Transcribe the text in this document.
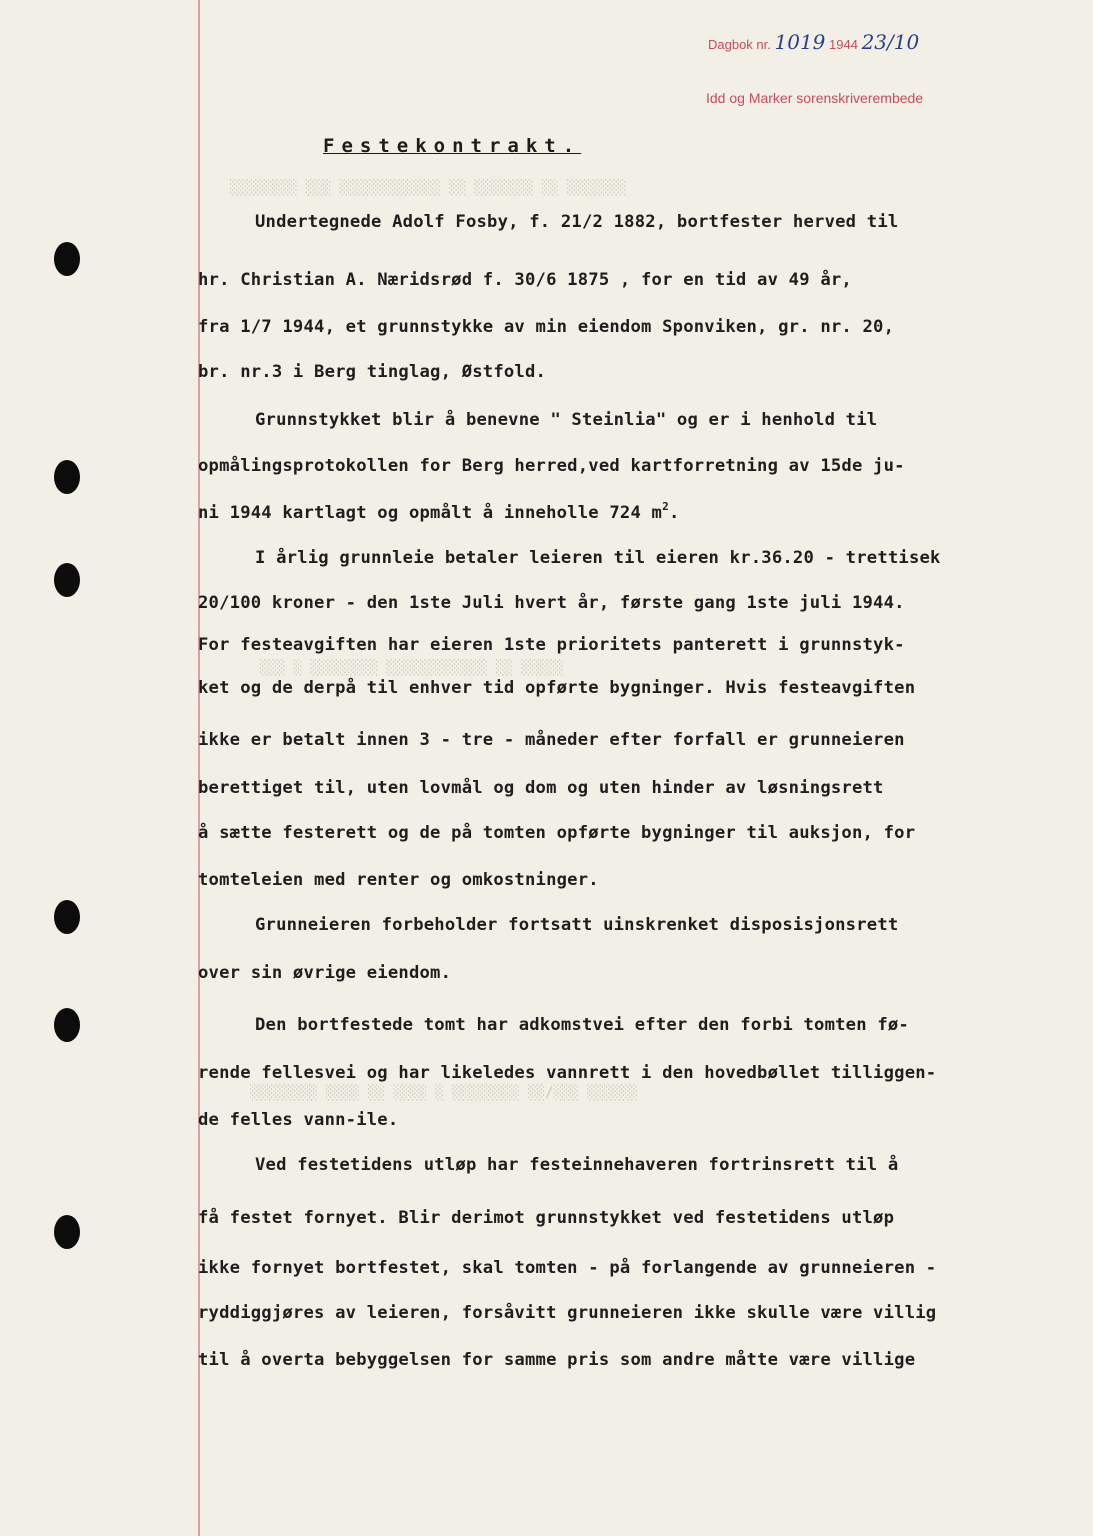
░░░░░░░░ ░░░ ░░░░░░░░░░░░ ░░ ░░░░░░░ ░░ ░░░░░░░
░░░ ░ ░░░░░░░░ ░░░░░░░░░░░░ ░░ ░░░░░
░░░░░░░░ ░░░░ ░░ ░░░░ ░ ░░░░░░░░ ░░/░░░ ░░░░░░
Dagbok nr. 1019 1944 23/10
Idd og Marker sorenskriverembede
Festekontrakt.
Undertegnede Adolf Fosby, f. 21/2 1882, bortfester herved til
hr. Christian A. Næridsrød f. 30/6 1875 , for en tid av 49 år,
fra 1/7 1944, et grunnstykke av min eiendom Sponviken, gr. nr. 20,
br. nr.3 i Berg tinglag, Østfold.
Grunnstykket blir å benevne " Steinlia" og er i henhold til
opmålingsprotokollen for Berg herred,ved kartforretning av 15de ju-
ni 1944 kartlagt og opmålt å inneholle 724 $m^2$.
I årlig grunnleie betaler leieren til eieren kr.36.20 - trettisek
20/100 kroner - den 1ste Juli hvert år, første gang 1ste juli 1944.
For festeavgiften har eieren 1ste prioritets panterett i grunnstyk-
ket og de derpå til enhver tid opførte bygninger. Hvis festeavgiften
ikke er betalt innen 3 - tre - måneder efter forfall er grunneieren
berettiget til, uten lovmål og dom og uten hinder av løsningsrett
å sætte festerett og de på tomten opførte bygninger til auksjon, for
tomteleien med renter og omkostninger.
Grunneieren forbeholder fortsatt uinskrenket disposisjonsrett
over sin øvrige eiendom.
Den bortfestede tomt har adkomstvei efter den forbi tomten fø-
rende fellesvei og har likeledes vannrett i den hovedbøllet tilliggen-
de felles vann-ile.
Ved festetidens utløp har festeinnehaveren fortrinsrett til å
få festet fornyet. Blir derimot grunnstykket ved festetidens utløp
ikke fornyet bortfestet, skal tomten - på forlangende av grunneieren -
ryddiggjøres av leieren, forsåvitt grunneieren ikke skulle være villig
til å overta bebyggelsen for samme pris som andre måtte være villige
